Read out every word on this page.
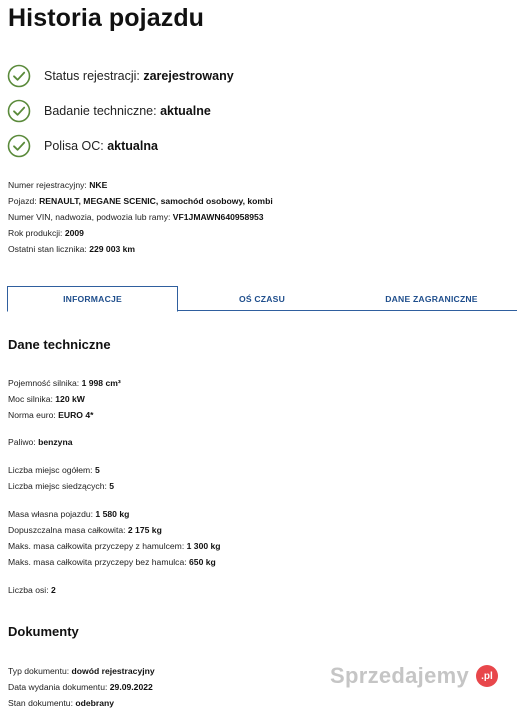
Historia pojazdu
Status rejestracji: zarejestrowany
Badanie techniczne: aktualne
Polisa OC: aktualna
Numer rejestracyjny: NKE
Pojazd: RENAULT, MEGANE SCENIC, samochód osobowy, kombi
Numer VIN, nadwozia, podwozia lub ramy: VF1JMAWN640958953
Rok produkcji: 2009
Ostatni stan licznika: 229 003 km
INFORMACJE	OŚ CZASU	DANE ZAGRANICZNE
Dane techniczne
Pojemność silnika: 1 998 cm³
Moc silnika: 120 kW
Norma euro: EURO 4*
Paliwo: benzyna
Liczba miejsc ogółem: 5
Liczba miejsc siedzących: 5
Masa własna pojazdu: 1 580 kg
Dopuszczalna masa całkowita: 2 175 kg
Maks. masa całkowita przyczepy z hamulcem: 1 300 kg
Maks. masa całkowita przyczepy bez hamulca: 650 kg
Liczba osi: 2
Dokumenty
Typ dokumentu: dowód rejestracyjny
Data wydania dokumentu: 29.09.2022
Stan dokumentu: odebrany
Sprzedajemy	.pl
